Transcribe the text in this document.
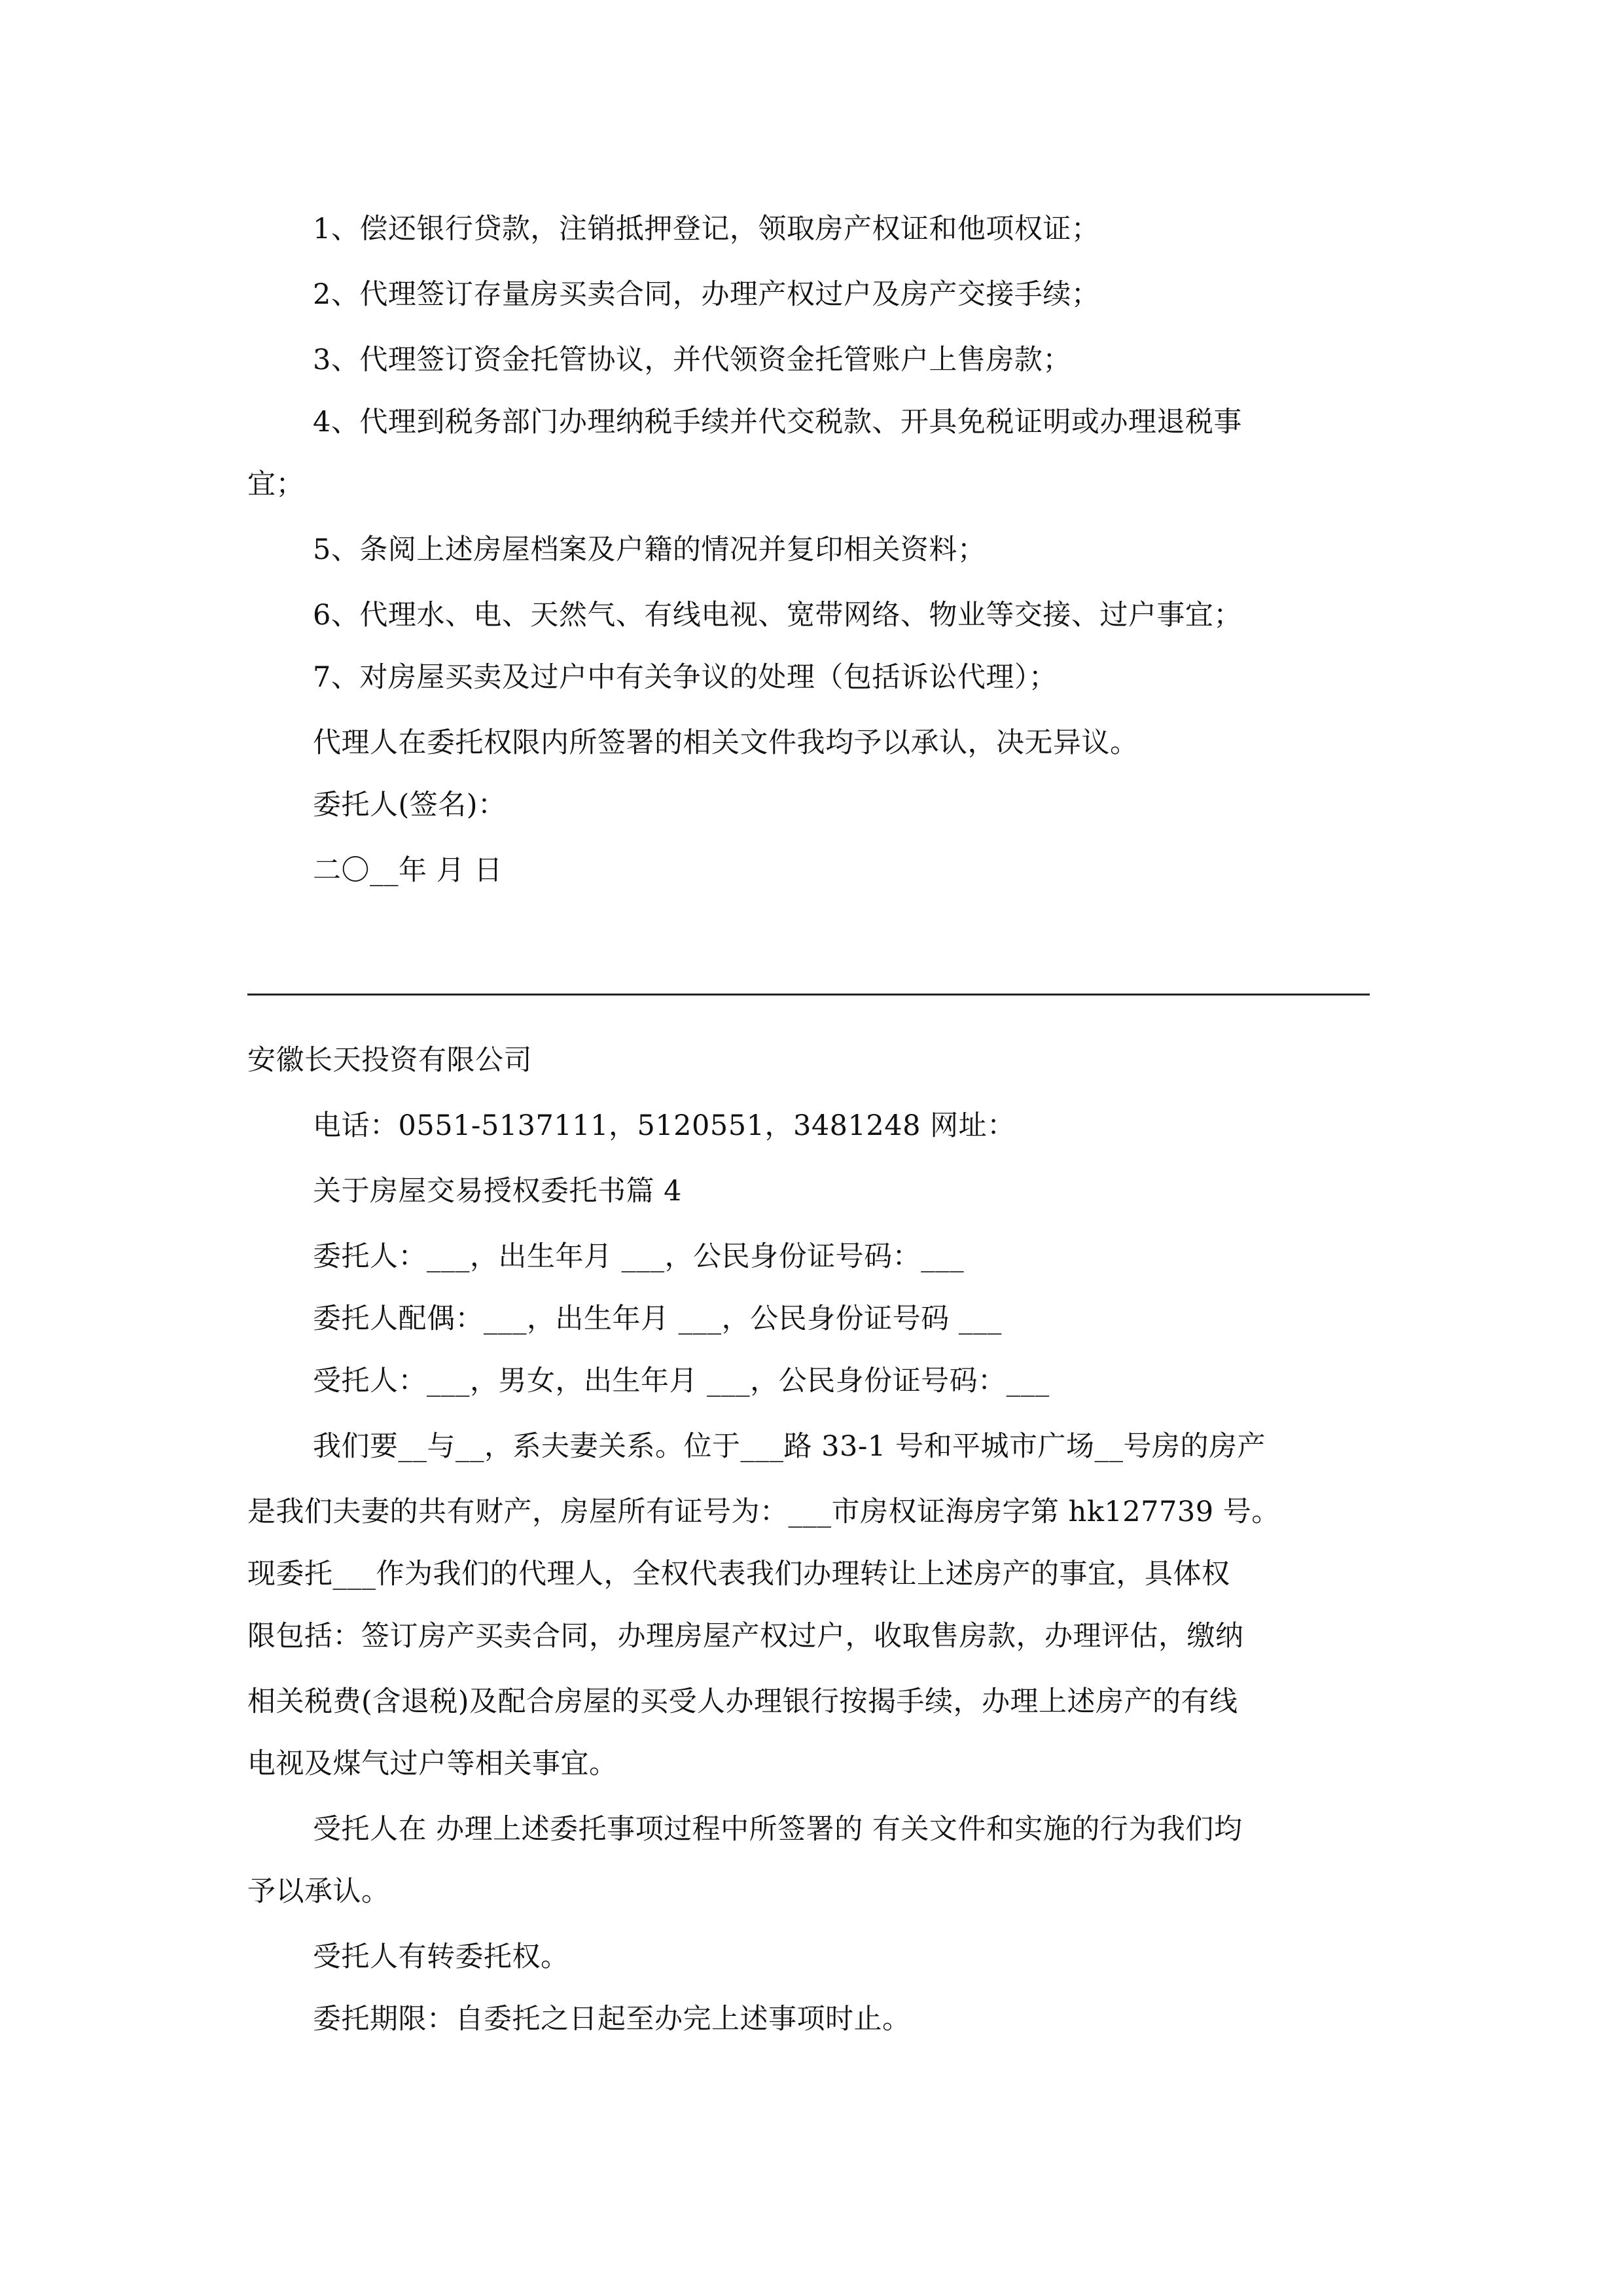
1、偿还银行贷款，注销抵押登记，领取房产权证和他项权证；
2、代理签订存量房买卖合同，办理产权过户及房产交接手续；
3、代理签订资金托管协议，并代领资金托管账户上售房款；
4、代理到税务部门办理纳税手续并代交税款、开具免税证明或办理退税事
宜；
5、条阅上述房屋档案及户籍的情况并复印相关资料；
6、代理水、电、天然气、有线电视、宽带网络、物业等交接、过户事宜；
7、对房屋买卖及过户中有关争议的处理（包括诉讼代理）；
代理人在委托权限内所签署的相关文件我均予以承认，决无异议。
委托人(签名)：
二〇__年 月 日
安徽长天投资有限公司
电话：0551-5137111，5120551，3481248 网址：
关于房屋交易授权委托书篇 4
委托人：___，出生年月 ___，公民身份证号码：___
委托人配偶：___，出生年月 ___，公民身份证号码 ___
受托人：___，男女，出生年月 ___，公民身份证号码：___
我们要__与__，系夫妻关系。位于___路 33-1 号和平城市广场__号房的房产
是我们夫妻的共有财产，房屋所有证号为：___市房权证海房字第 hk127739 号。
现委托___作为我们的代理人，全权代表我们办理转让上述房产的事宜，具体权
限包括：签订房产买卖合同，办理房屋产权过户，收取售房款，办理评估，缴纳
相关税费(含退税)及配合房屋的买受人办理银行按揭手续，办理上述房产的有线
电视及煤气过户等相关事宜。
受托人在 办理上述委托事项过程中所签署的 有关文件和实施的行为我们均
予以承认。
受托人有转委托权。
委托期限：自委托之日起至办完上述事项时止。
